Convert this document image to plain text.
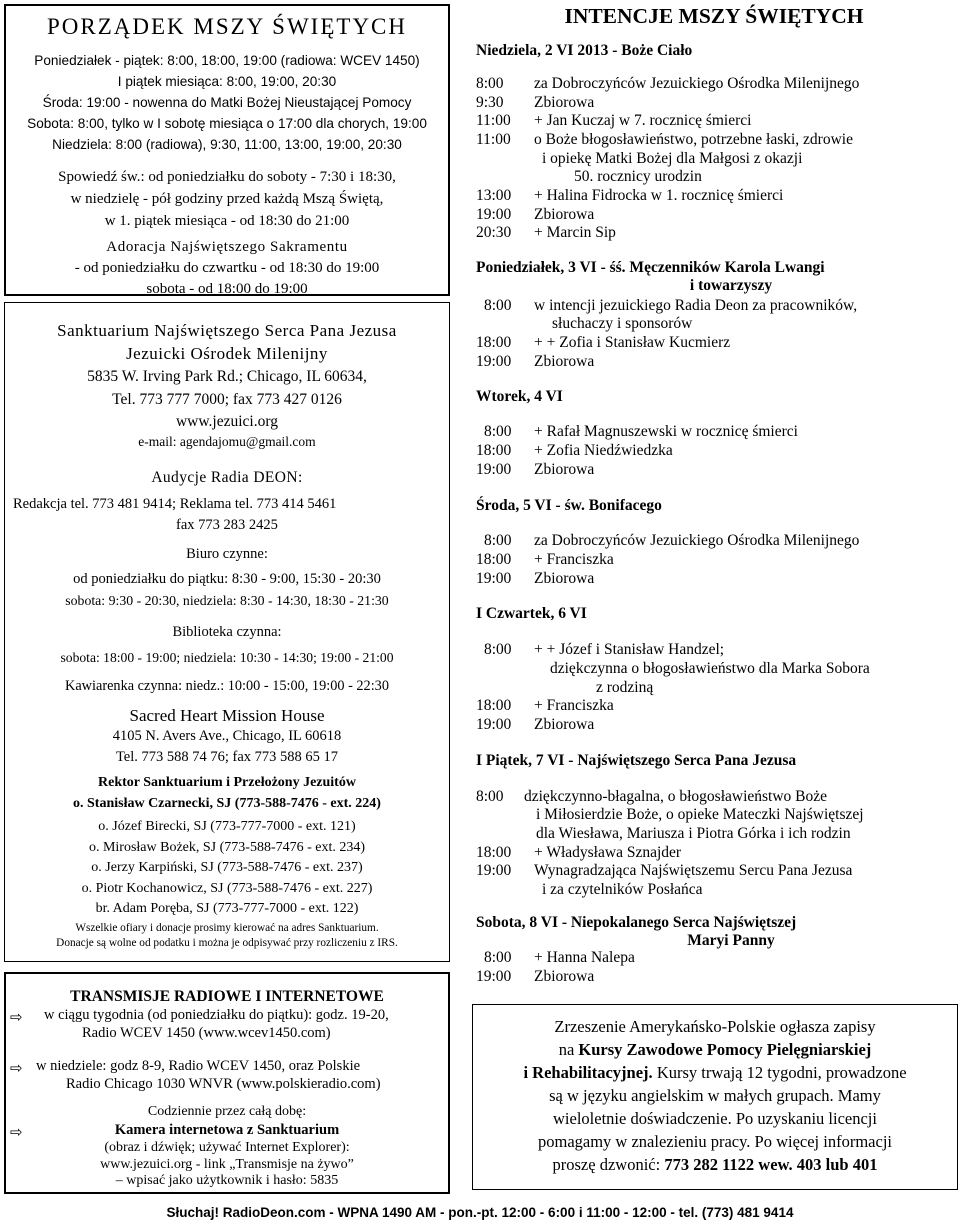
PORZĄDEK MSZY ŚWIĘTYCH
Poniedziałek - piątek: 8:00, 18:00, 19:00 (radiowa: WCEV 1450)
I piątek miesiąca: 8:00, 19:00, 20:30
Środa: 19:00 - nowenna do Matki Bożej Nieustającej Pomocy
Sobota: 8:00, tylko w I sobotę miesiąca o 17:00 dla chorych, 19:00
Niedziela: 8:00 (radiowa), 9:30, 11:00, 13:00, 19:00, 20:30
Spowiedź św.: od poniedziałku do soboty - 7:30 i 18:30,
w niedzielę - pół godziny przed każdą Mszą Świętą,
w 1. piątek miesiąca - od 18:30 do 21:00
Adoracja Najświętszego Sakramentu
- od poniedziałku do czwartku - od 18:30 do 19:00
sobota - od 18:00 do 19:00
Sanktuarium Najświętszego Serca Pana Jezusa
Jezuicki Ośrodek Milenijny
5835 W. Irving Park Rd.; Chicago, IL 60634,
Tel. 773 777 7000; fax 773 427 0126
www.jezuici.org
e-mail: agendajomu@gmail.com
Audycje Radia DEON:
Redakcja tel. 773 481 9414; Reklama tel. 773 414 5461
fax 773 283 2425
Biuro czynne:
od poniedziałku do piątku: 8:30 - 9:00, 15:30 - 20:30
sobota: 9:30 - 20:30, niedziela: 8:30 - 14:30, 18:30 - 21:30
Biblioteka czynna:
sobota: 18:00 - 19:00; niedziela: 10:30 - 14:30; 19:00 - 21:00
Kawiarenka czynna: niedz.: 10:00 - 15:00, 19:00 - 22:30
Sacred Heart Mission House
4105 N. Avers Ave., Chicago, IL 60618
Tel. 773 588 74 76; fax 773 588 65 17
Rektor Sanktuarium i Przełożony Jezuitów
o. Stanisław Czarnecki, SJ (773-588-7476 - ext. 224)
o. Józef Birecki, SJ (773-777-7000 - ext. 121)
o. Mirosław Bożek, SJ (773-588-7476 - ext. 234)
o. Jerzy Karpiński, SJ (773-588-7476 - ext. 237)
o. Piotr Kochanowicz, SJ (773-588-7476 - ext. 227)
br. Adam Poręba, SJ (773-777-7000 - ext. 122)
Wszelkie ofiary i donacje prosimy kierować na adres Sanktuarium.
Donacje są wolne od podatku i można je odpisywać przy rozliczeniu z IRS.
TRANSMISJE RADIOWE I INTERNETOWE
⇨ w ciągu tygodnia (od poniedziałku do piątku): godz. 19-20,
Radio WCEV 1450 (www.wcev1450.com)
⇨ w niedziele: godz 8-9, Radio WCEV 1450, oraz Polskie
Radio Chicago 1030 WNVR (www.polskieradio.com)
Codziennie przez całą dobę:
⇨	Kamera internetowa z Sanktuarium
(obraz i dźwięk; używać Internet Explorer):
www.jezuici.org - link „Transmisje na żywo”
– wpisać jako użytkownik i hasło: 5835
INTENCJE MSZY ŚWIĘTYCH
Niedziela, 2 VI 2013 - Boże Ciało
8:00	za Dobroczyńców Jezuickiego Ośrodka Milenijnego
9:30	Zbiorowa
11:00	+ Jan Kuczaj w 7. rocznicę śmierci
11:00	o Boże błogosławieństwo, potrzebne łaski, zdrowie
i opiekę Matki Bożej dla Małgosi z okazji
50. rocznicy urodzin
13:00	+ Halina Fidrocka w 1. rocznicę śmierci
19:00	Zbiorowa
20:30	+ Marcin Sip
Poniedziałek, 3 VI - śś. Męczenników Karola Lwangi
i towarzyszy
8:00	w intencji jezuickiego Radia Deon za pracowników,
słuchaczy i sponsorów
18:00	+ + Zofia i Stanisław Kucmierz
19:00	Zbiorowa
Wtorek, 4 VI
8:00	+ Rafał Magnuszewski w rocznicę śmierci
18:00	+ Zofia Niedźwiedzka
19:00	Zbiorowa
Środa, 5 VI - św. Bonifacego
8:00	za Dobroczyńców Jezuickiego Ośrodka Milenijnego
18:00	+ Franciszka
19:00	Zbiorowa
I Czwartek, 6 VI
8:00	+ + Józef i Stanisław Handzel;
dziękczynna o błogosławieństwo dla Marka Sobora
z rodziną
18:00	+ Franciszka
19:00	Zbiorowa
I Piątek, 7 VI - Najświętszego Serca Pana Jezusa
8:00	dziękczynno-błagalna, o błogosławieństwo Boże
i Miłosierdzie Boże, o opieke Mateczki Najświętszej
dla Wiesława, Mariusza i Piotra Górka i ich rodzin
18:00	+ Władysława Sznajder
19:00	Wynagradzająca Najświętszemu Sercu Pana Jezusa
i za czytelników Posłańca
Sobota, 8 VI - Niepokalanego Serca Najświętszej
Maryi Panny
8:00	+ Hanna Nalepa
19:00	Zbiorowa
Zrzeszenie Amerykańsko-Polskie ogłasza zapisy
na Kursy Zawodowe Pomocy Pielęgniarskiej
i Rehabilitacyjnej. Kursy trwają 12 tygodni, prowadzone
są w języku angielskim w małych grupach. Mamy
wieloletnie doświadczenie. Po uzyskaniu licencji
pomagamy w znalezieniu pracy. Po więcej informacji
proszę dzwonić: 773 282 1122 wew. 403 lub 401
Słuchaj! RadioDeon.com - WPNA 1490 AM - pon.-pt. 12:00 - 6:00 i 11:00 - 12:00 - tel. (773) 481 9414
